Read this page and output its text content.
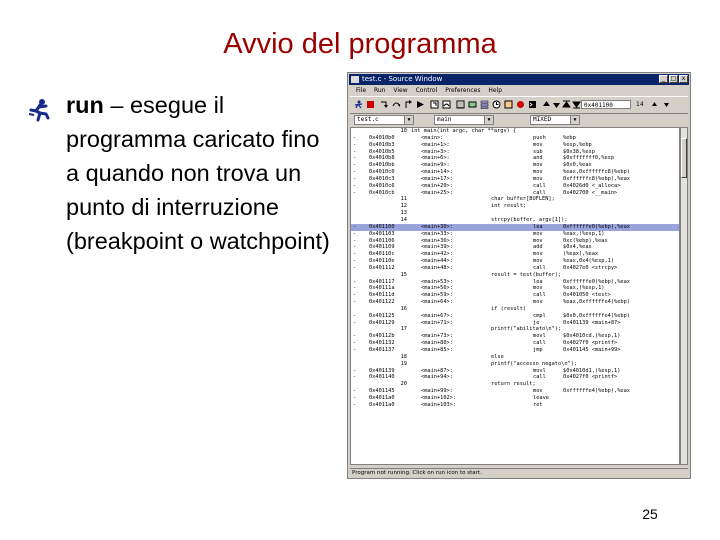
Avvio del programma
run – esegue il programma caricato fino a quando non trova un punto di interruzione (breakpoint o watchpoint)
25
test.c - Source Window	_ □ x
File Run View Control Preferences Help
0x401100	14
test.c	▼	main	▼	MIXED	▼
10 int main(int argc, char **argv) {
- 0x4010b0	<main>:	push	%ebp
- 0x4010b3	<main+1>:	mov	%esp,%ebp
- 0x4010b5	<main+3>:	sub	$0x38,%esp
- 0x4010b8	<main+6>:	and	$0xfffffff0,%esp
- 0x4010bb	<main+9>:	mov	$0x0,%eax
- 0x4010c0	<main+14>:	mov	%eax,0xffffffc8(%ebp)
- 0x4010c3	<main+17>:	mov	0xffffffc8(%ebp),%eax
- 0x4010c6	<main+20>:	call	0x4026d0 <_alloca>
- 0x4010cb	<main+25>:	call	0x402700 <__main>
11	char buffer[BUFLEN];
12	int result;
13
14	strcpy(buffer, argv[1]);
- 0x401100	<main+30>:	lea	0xffffffe0(%ebp),%eax
- 0x401103	<main+33>:	mov	%eax,(%esp,1)
- 0x401106	<main+36>:	mov	0xc(%ebp),%eax
- 0x401109	<main+39>:	add	$0x4,%eax
- 0x40110c	<main+42>:	mov	(%eax),%eax
- 0x40110e	<main+44>:	mov	%eax,0x4(%esp,1)
- 0x401112	<main+48>:	call	0x4027e0 <strcpy>
15	result = test(buffer);
- 0x401117	<main+53>:	lea	0xffffffe0(%ebp),%eax
- 0x40111a	<main+56>:	mov	%eax,(%esp,1)
- 0x40111d	<main+59>:	call	0x401050 <test>
- 0x401122	<main+64>:	mov	%eax,0xffffffe4(%ebp)
16	if (result)
- 0x401125	<main+67>:	cmpl	$0x0,0xffffffe4(%ebp)
- 0x401129	<main+71>:	je	0x401139 <main+87>
17	printf("abilitato\n");
- 0x40112b	<main+73>:	movl	$0x4010cd,(%esp,1)
- 0x401132	<main+80>:	call	0x4027f0 <printf>
- 0x401137	<main+85>:	jmp	0x401145 <main+99>
18	else
19	printf("accesso negato\n");
- 0x401139	<main+87>:	movl	$0x4010d1,(%esp,1)
- 0x401140	<main+94>:	call	0x4027f0 <printf>
20	return result;
- 0x401145	<main+99>:	mov	0xffffffe4(%ebp),%eax
- 0x4011a0	<main+102>:	leave
- 0x4011a0	<main+103>:	ret
Program not running. Click on run icon to start.
